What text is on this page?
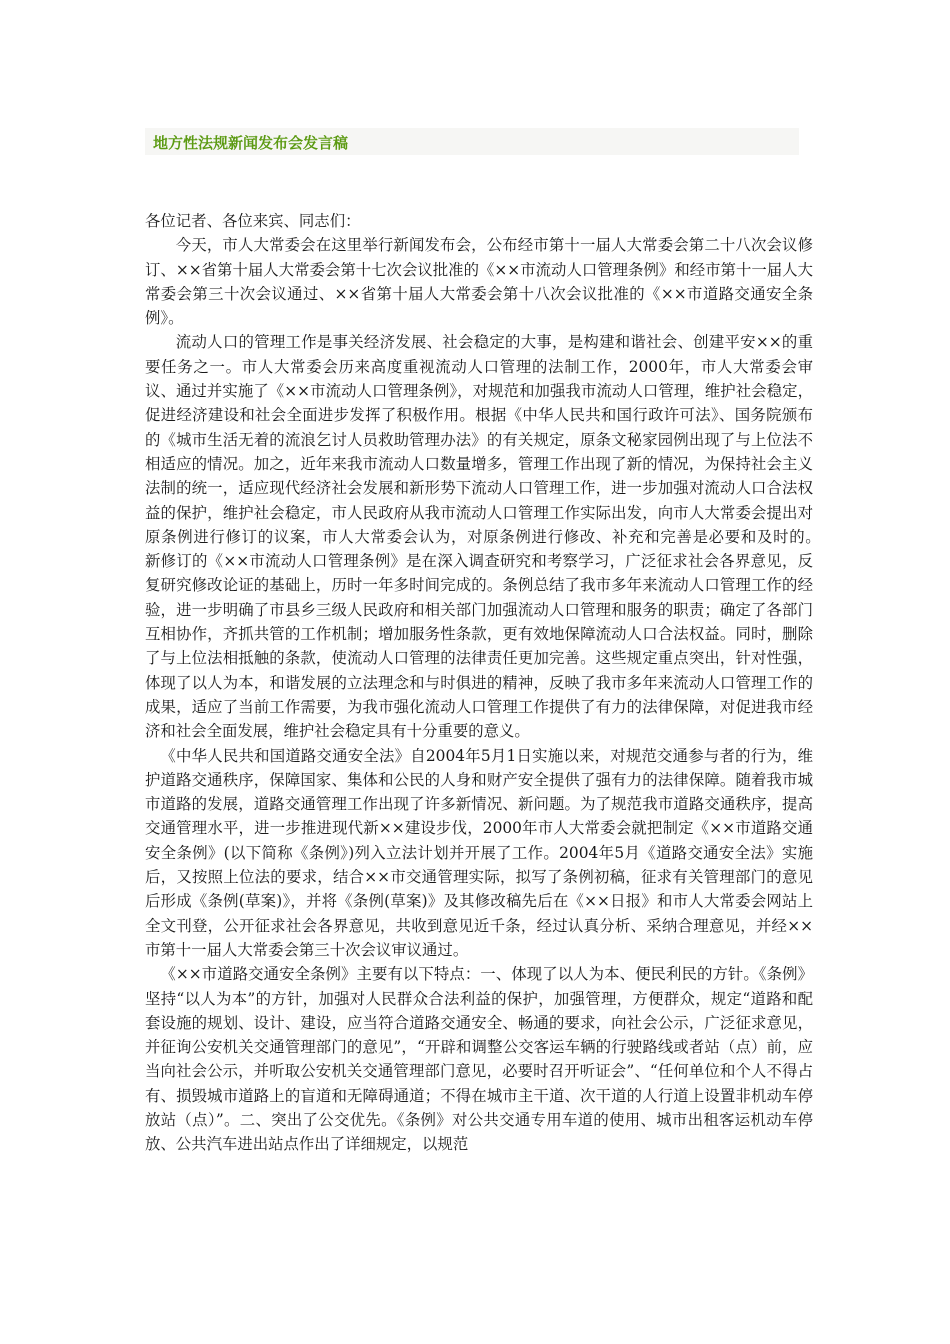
地方性法规新闻发布会发言稿

各位记者、各位来宾、同志们：

今天，市人大常委会在这里举行新闻发布会，公布经市第十一届人大常委会第二十八次会议修订、××省第十届人大常委会第十七次会议批准的《××市流动人口管理条例》和经市第十一届人大常委会第三十次会议通过、××省第十届人大常委会第十八次会议批准的《××市道路交通安全条例》。

流动人口的管理工作是事关经济发展、社会稳定的大事，是构建和谐社会、创建平安××的重要任务之一。市人大常委会历来高度重视流动人口管理的法制工作，2000年，市人大常委会审议、通过并实施了《××市流动人口管理条例》，对规范和加强我市流动人口管理，维护社会稳定，促进经济建设和社会全面进步发挥了积极作用。根据《中华人民共和国行政许可法》、国务院颁布的《城市生活无着的流浪乞讨人员救助管理办法》的有关规定，原条文秘家园例出现了与上位法不相适应的情况。加之，近年来我市流动人口数量增多，管理工作出现了新的情况，为保持社会主义法制的统一，适应现代经济社会发展和新形势下流动人口管理工作，进一步加强对流动人口合法权益的保护，维护社会稳定，市人民政府从我市流动人口管理工作实际出发，向市人大常委会提出对原条例进行修订的议案，市人大常委会认为，对原条例进行修改、补充和完善是必要和及时的。　　新修订的《××市流动人口管理条例》是在深入调查研究和考察学习，广泛征求社会各界意见，反复研究修改论证的基础上，历时一年多时间完成的。条例总结了我市多年来流动人口管理工作的经验，进一步明确了市县乡三级人民政府和相关部门加强流动人口管理和服务的职责；确定了各部门互相协作，齐抓共管的工作机制；增加服务性条款，更有效地保障流动人口合法权益。同时，删除了与上位法相抵触的条款，使流动人口管理的法律责任更加完善。这些规定重点突出，针对性强，体现了以人为本，和谐发展的立法理念和与时俱进的精神，反映了我市多年来流动人口管理工作的成果，适应了当前工作需要，为我市强化流动人口管理工作提供了有力的法律保障，对促进我市经济和社会全面发展，维护社会稳定具有十分重要的意义。

《中华人民共和国道路交通安全法》自2004年5月1日实施以来，对规范交通参与者的行为，维护道路交通秩序，保障国家、集体和公民的人身和财产安全提供了强有力的法律保障。随着我市城市道路的发展，道路交通管理工作出现了许多新情况、新问题。为了规范我市道路交通秩序，提高交通管理水平，进一步推进现代新××建设步伐，2000年市人大常委会就把制定《××市道路交通安全条例》(以下简称《条例》)列入立法计划并开展了工作。2004年5月《道路交通安全法》实施后，又按照上位法的要求，结合××市交通管理实际，拟写了条例初稿，征求有关管理部门的意见后形成《条例(草案)》，并将《条例(草案)》及其修改稿先后在《××日报》和市人大常委会网站上全文刊登，公开征求社会各界意见，共收到意见近千条，经过认真分析、采纳合理意见，并经××市第十一届人大常委会第三十次会议审议通过。

《××市道路交通安全条例》主要有以下特点：一、体现了以人为本、便民利民的方针。《条例》坚持“以人为本”的方针，加强对人民群众合法利益的保护，加强管理，方便群众，规定“道路和配套设施的规划、设计、建设，应当符合道路交通安全、畅通的要求，向社会公示，广泛征求意见，并征询公安机关交通管理部门的意见”，“开辟和调整公交客运车辆的行驶路线或者站（点）前，应当向社会公示，并听取公安机关交通管理部门意见，必要时召开听证会”、“任何单位和个人不得占有、损毁城市道路上的盲道和无障碍通道；不得在城市主干道、次干道的人行道上设置非机动车停放站（点）”。二、突出了公交优先。《条例》对公共交通专用车道的使用、城市出租客运机动车停放、公共汽车进出站点作出了详细规定，以规范
